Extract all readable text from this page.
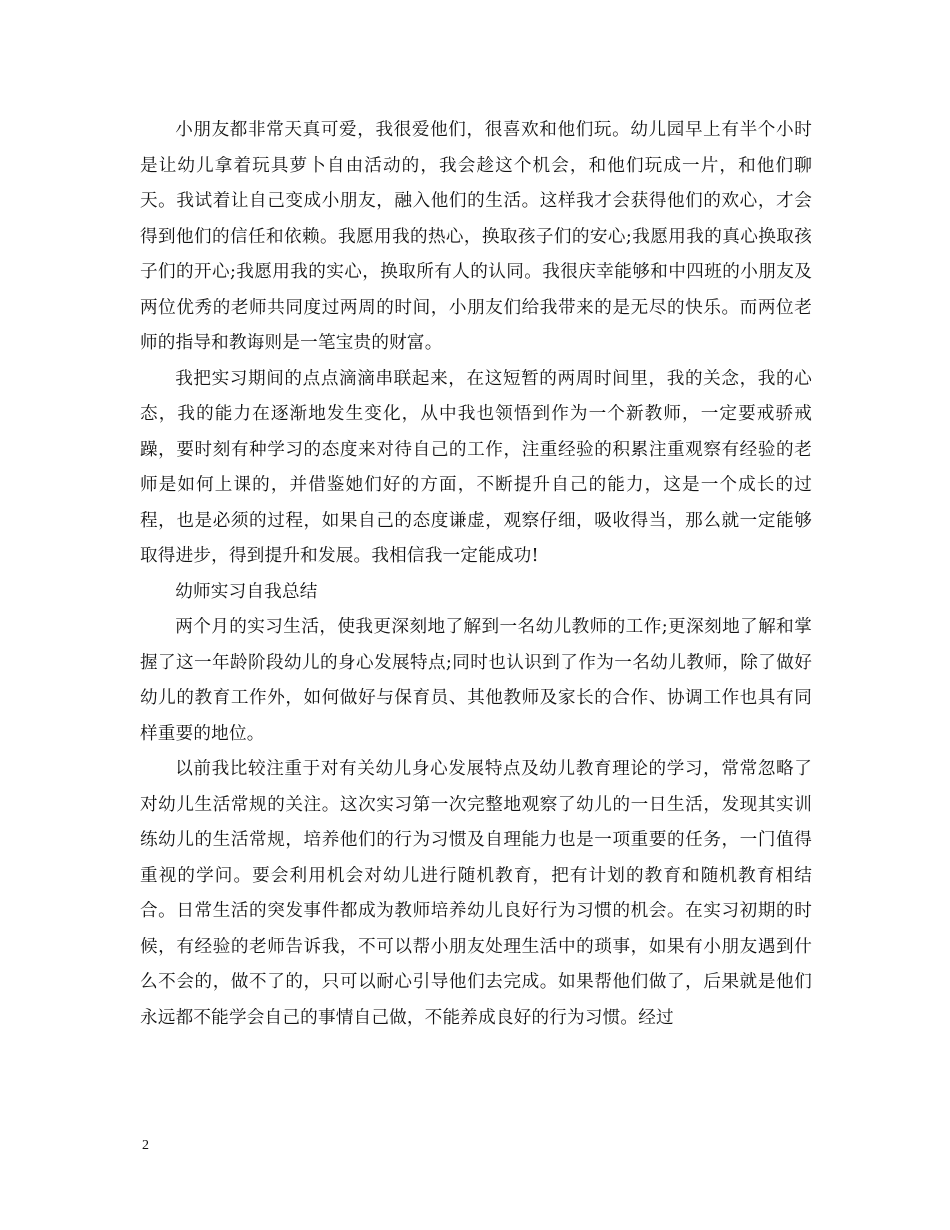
小朋友都非常天真可爱，我很爱他们，很喜欢和他们玩。幼儿园早上有半个小时是让幼儿拿着玩具萝卜自由活动的，我会趁这个机会，和他们玩成一片，和他们聊天。我试着让自己变成小朋友，融入他们的生活。这样我才会获得他们的欢心，才会得到他们的信任和依赖。我愿用我的热心，换取孩子们的安心;我愿用我的真心换取孩子们的开心;我愿用我的实心，换取所有人的认同。我很庆幸能够和中四班的小朋友及两位优秀的老师共同度过两周的时间，小朋友们给我带来的是无尽的快乐。而两位老师的指导和教诲则是一笔宝贵的财富。

我把实习期间的点点滴滴串联起来，在这短暂的两周时间里，我的关念，我的心态，我的能力在逐渐地发生变化，从中我也领悟到作为一个新教师，一定要戒骄戒躁，要时刻有种学习的态度来对待自己的工作，注重经验的积累注重观察有经验的老师是如何上课的，并借鉴她们好的方面，不断提升自己的能力，这是一个成长的过程，也是必须的过程，如果自己的态度谦虚，观察仔细，吸收得当，那么就一定能够取得进步，得到提升和发展。我相信我一定能成功!

幼师实习自我总结

两个月的实习生活，使我更深刻地了解到一名幼儿教师的工作;更深刻地了解和掌握了这一年龄阶段幼儿的身心发展特点;同时也认识到了作为一名幼儿教师，除了做好幼儿的教育工作外，如何做好与保育员、其他教师及家长的合作、协调工作也具有同样重要的地位。

以前我比较注重于对有关幼儿身心发展特点及幼儿教育理论的学习，常常忽略了对幼儿生活常规的关注。这次实习第一次完整地观察了幼儿的一日生活，发现其实训练幼儿的生活常规，培养他们的行为习惯及自理能力也是一项重要的任务，一门值得重视的学问。要会利用机会对幼儿进行随机教育，把有计划的教育和随机教育相结合。日常生活的突发事件都成为教师培养幼儿良好行为习惯的机会。在实习初期的时候，有经验的老师告诉我，不可以帮小朋友处理生活中的琐事，如果有小朋友遇到什么不会的，做不了的，只可以耐心引导他们去完成。如果帮他们做了，后果就是他们永远都不能学会自己的事情自己做，不能养成良好的行为习惯。经过

2
